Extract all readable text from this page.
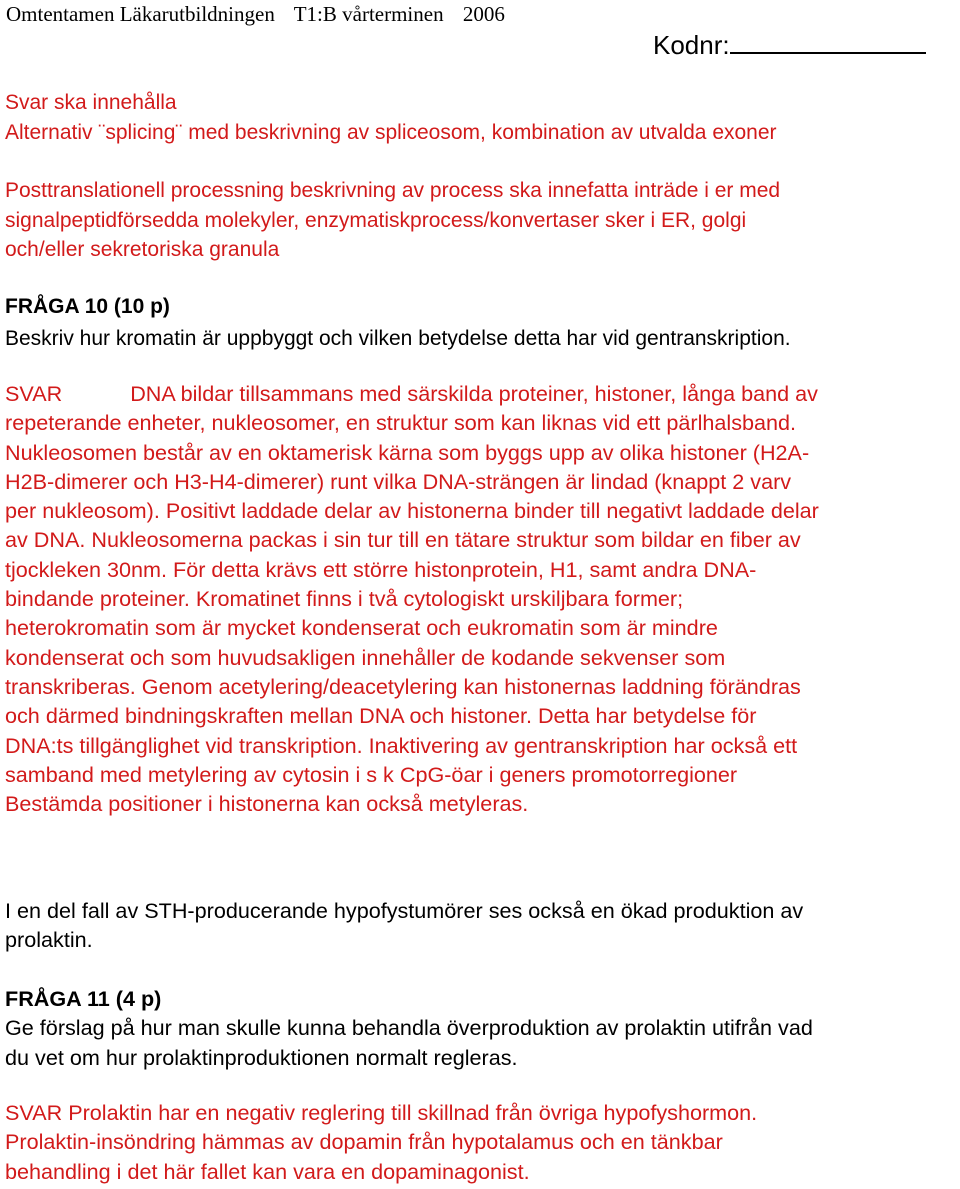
Omtentamen Läkarutbildningen T1:B vårterminen 2006
Kodnr:
Svar ska innehålla
Alternativ ¨splicing¨ med beskrivning av spliceosom, kombination av utvalda exoner
Posttranslationell processning beskrivning av process ska innefatta inträde i er med
signalpeptidförsedda molekyler, enzymatiskprocess/konvertaser sker i ER, golgi
och/eller sekretoriska granula
FRÅGA 10 (10 p)
Beskriv hur kromatin är uppbyggt och vilken betydelse detta har vid gentranskription.
SVAR	DNA bildar tillsammans med särskilda proteiner, histoner, långa band av
repeterande enheter, nukleosomer, en struktur som kan liknas vid ett pärlhalsband.
Nukleosomen består av en oktamerisk kärna som byggs upp av olika histoner (H2A-
H2B-dimerer och H3-H4-dimerer) runt vilka DNA-strängen är lindad (knappt 2 varv
per nukleosom). Positivt laddade delar av histonerna binder till negativt laddade delar
av DNA. Nukleosomerna packas i sin tur till en tätare struktur som bildar en fiber av
tjockleken 30nm. För detta krävs ett större histonprotein, H1, samt andra DNA-
bindande proteiner. Kromatinet finns i två cytologiskt urskiljbara former;
heterokromatin som är mycket kondenserat och eukromatin som är mindre
kondenserat och som huvudsakligen innehåller de kodande sekvenser som
transkriberas. Genom acetylering/deacetylering kan histonernas laddning förändras
och därmed bindningskraften mellan DNA och histoner. Detta har betydelse för
DNA:ts tillgänglighet vid transkription. Inaktivering av gentranskription har också ett
samband med metylering av cytosin i s k CpG-öar i geners promotorregioner
Bestämda positioner i histonerna kan också metyleras.
I en del fall av STH-producerande hypofystumörer ses också en ökad produktion av
prolaktin.
FRÅGA 11 (4 p)
Ge förslag på hur man skulle kunna behandla överproduktion av prolaktin utifrån vad
du vet om hur prolaktinproduktionen normalt regleras.
SVAR Prolaktin har en negativ reglering till skillnad från övriga hypofyshormon.
Prolaktin-insöndring hämmas av dopamin från hypotalamus och en tänkbar
behandling i det här fallet kan vara en dopaminagonist.
